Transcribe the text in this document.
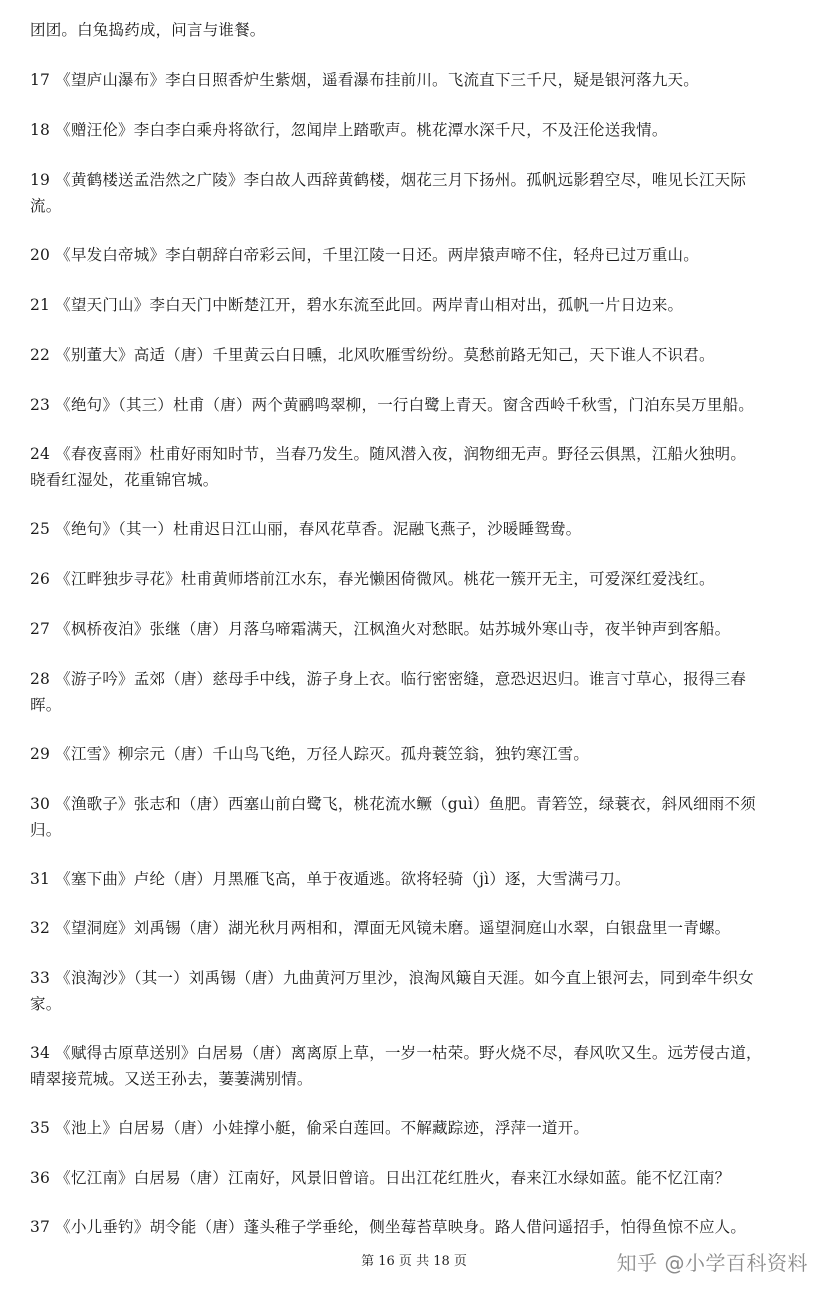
团团。白兔捣药成，问言与谁餐。
17 《望庐山瀑布》李白日照香炉生紫烟，遥看瀑布挂前川。飞流直下三千尺，疑是银河落九天。
18 《赠汪伦》李白李白乘舟将欲行，忽闻岸上踏歌声。桃花潭水深千尺，不及汪伦送我情。
19 《黄鹤楼送孟浩然之广陵》李白故人西辞黄鹤楼，烟花三月下扬州。孤帆远影碧空尽，唯见长江天际
流。
20 《早发白帝城》李白朝辞白帝彩云间，千里江陵一日还。两岸猿声啼不住，轻舟已过万重山。
21 《望天门山》李白天门中断楚江开，碧水东流至此回。两岸青山相对出，孤帆一片日边来。
22 《别董大》高适（唐）千里黄云白日曛，北风吹雁雪纷纷。莫愁前路无知己，天下谁人不识君。
23 《绝句》（其三）杜甫（唐）两个黄鹂鸣翠柳，一行白鹭上青天。窗含西岭千秋雪，门泊东吴万里船。
24 《春夜喜雨》杜甫好雨知时节，当春乃发生。随风潜入夜，润物细无声。野径云俱黑，江船火独明。
晓看红湿处，花重锦官城。
25 《绝句》（其一）杜甫迟日江山丽，春风花草香。泥融飞燕子，沙暖睡鸳鸯。
26 《江畔独步寻花》杜甫黄师塔前江水东，春光懒困倚微风。桃花一簇开无主，可爱深红爱浅红。
27 《枫桥夜泊》张继（唐）月落乌啼霜满天，江枫渔火对愁眠。姑苏城外寒山寺，夜半钟声到客船。
28 《游子吟》孟郊（唐）慈母手中线，游子身上衣。临行密密缝，意恐迟迟归。谁言寸草心，报得三春
晖。
29 《江雪》柳宗元（唐）千山鸟飞绝，万径人踪灭。孤舟蓑笠翁，独钓寒江雪。
30 《渔歌子》张志和（唐）西塞山前白鹭飞，桃花流水鳜（guì）鱼肥。青箬笠，绿蓑衣，斜风细雨不须
归。
31 《塞下曲》卢纶（唐）月黑雁飞高，单于夜遁逃。欲将轻骑（jì）逐，大雪满弓刀。
32 《望洞庭》刘禹锡（唐）湖光秋月两相和，潭面无风镜未磨。遥望洞庭山水翠，白银盘里一青螺。
33 《浪淘沙》（其一）刘禹锡（唐）九曲黄河万里沙，浪淘风簸自天涯。如今直上银河去，同到牵牛织女
家。
34 《赋得古原草送别》白居易（唐）离离原上草，一岁一枯荣。野火烧不尽，春风吹又生。远芳侵古道，
晴翠接荒城。又送王孙去，萋萋满别情。
35 《池上》白居易（唐）小娃撑小艇，偷采白莲回。不解藏踪迹，浮萍一道开。
36 《忆江南》白居易（唐）江南好，风景旧曾谙。日出江花红胜火，春来江水绿如蓝。能不忆江南？
37 《小儿垂钓》胡令能（唐）蓬头稚子学垂纶，侧坐莓苔草映身。路人借问遥招手，怕得鱼惊不应人。
第 16 页 共 18 页	知乎 @小学百科资料
